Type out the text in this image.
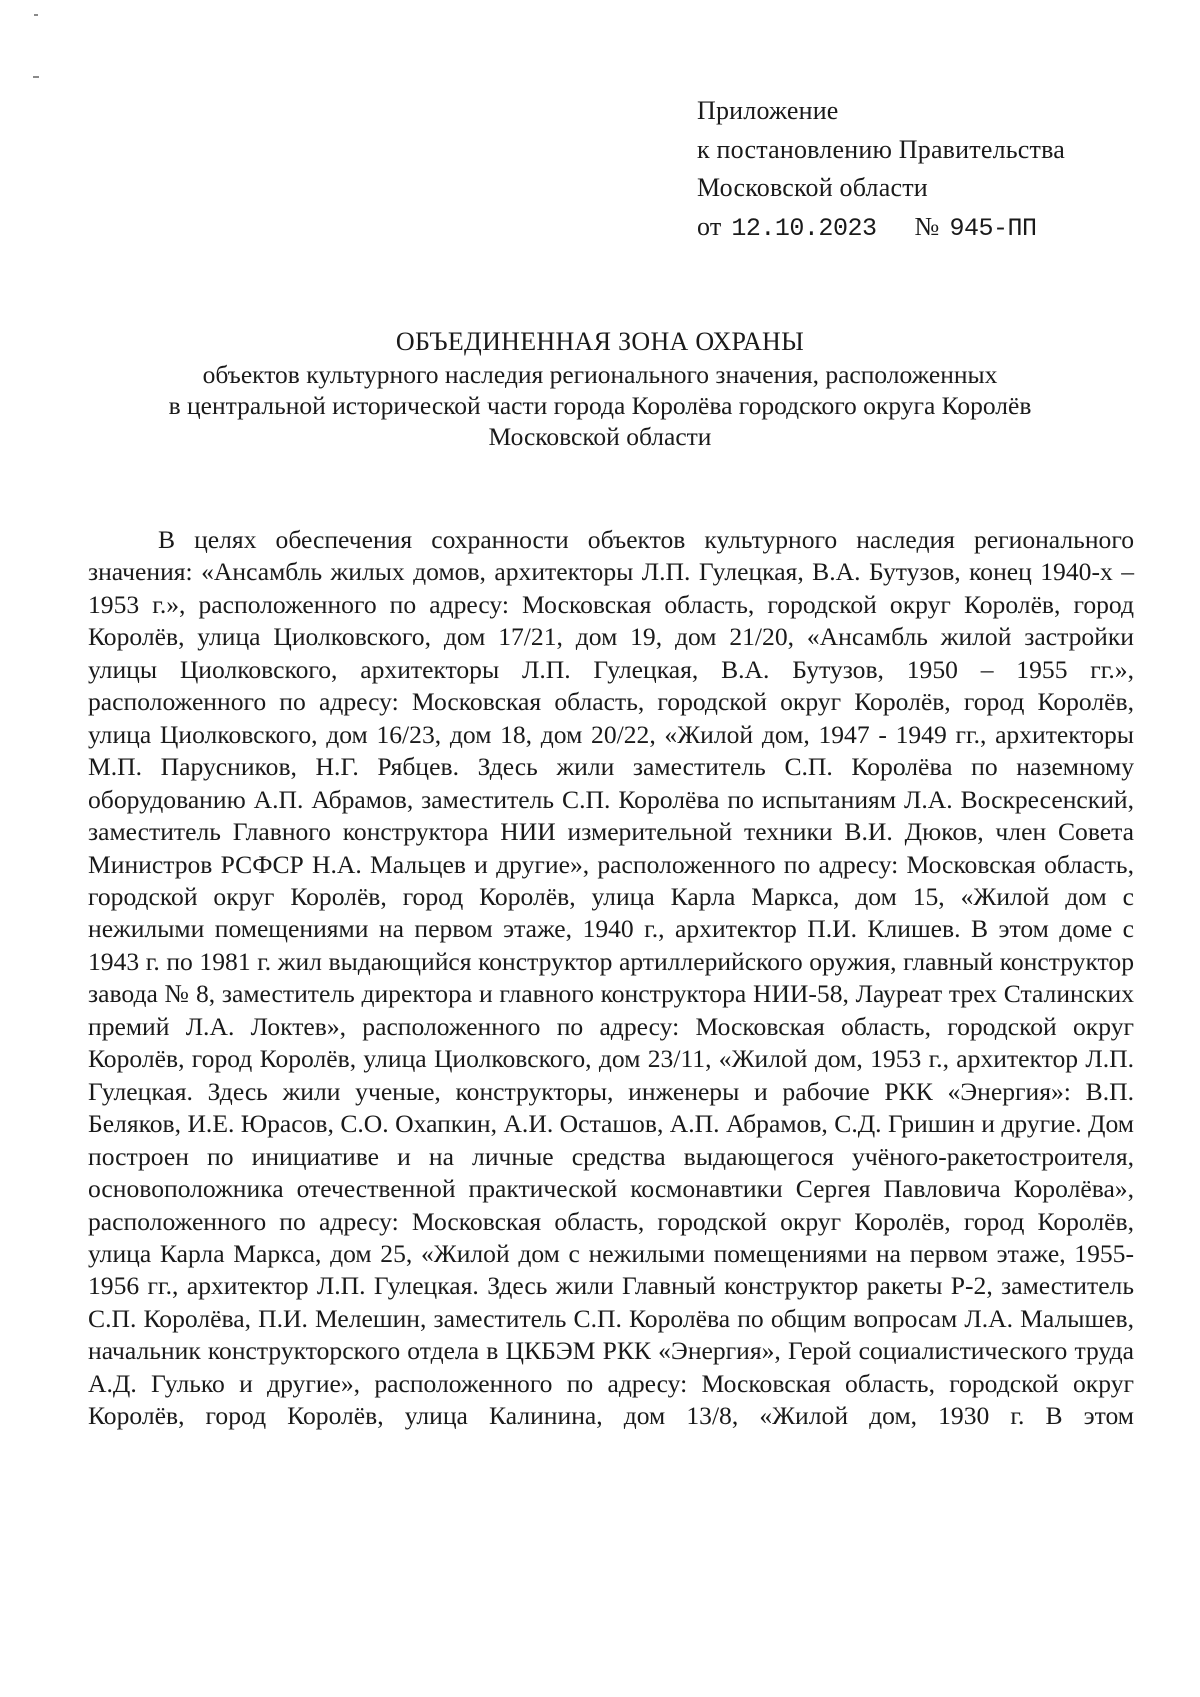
Приложение
к постановлению Правительства
Московской области
от 12.10.2023 № 945-ПП
ОБЪЕДИНЕННАЯ ЗОНА ОХРАНЫ
объектов культурного наследия регионального значения, расположенных
в центральной исторической части города Королёва городского округа Королёв
Московской области

В целях обеспечения сохранности объектов культурного наследия регионального значения: «Ансамбль жилых домов, архитекторы Л.П. Гулецкая, В.А. Бутузов, конец 1940-х – 1953 г.», расположенного по адресу: Московская область, городской округ Королёв, город Королёв, улица Циолковского, дом 17/21, дом 19, дом 21/20, «Ансамбль жилой застройки улицы Циолковского, архитекторы Л.П. Гулецкая, В.А. Бутузов, 1950 – 1955 гг.», расположенного по адресу: Московская область, городской округ Королёв, город Королёв, улица Циолковского, дом 16/23, дом 18, дом 20/22, «Жилой дом, 1947 - 1949 гг., архитекторы М.П. Парусников, Н.Г. Рябцев. Здесь жили заместитель С.П. Королёва по наземному оборудованию А.П. Абрамов, заместитель С.П. Королёва по испытаниям Л.А. Воскресенский, заместитель Главного конструктора НИИ измерительной техники В.И. Дюков, член Совета Министров РСФСР Н.А. Мальцев и другие», расположенного по адресу: Московская область, городской округ Королёв, город Королёв, улица Карла Маркса, дом 15, «Жилой дом с нежилыми помещениями на первом этаже, 1940 г., архитектор П.И. Клишев. В этом доме с 1943 г. по 1981 г. жил выдающийся конструктор артиллерийского оружия, главный конструктор завода № 8, заместитель директора и главного конструктора НИИ-58, Лауреат трех Сталинских премий Л.А. Локтев», расположенного по адресу: Московская область, городской округ Королёв, город Королёв, улица Циолковского, дом 23/11, «Жилой дом, 1953 г., архитектор Л.П. Гулецкая. Здесь жили ученые, конструкторы, инженеры и рабочие РКК «Энергия»: В.П. Беляков, И.Е. Юрасов, С.О. Охапкин, А.И. Осташов, А.П. Абрамов, С.Д. Гришин и другие. Дом построен по инициативе и на личные средства выдающегося учёного-ракетостроителя, основоположника отечественной практической космонавтики Сергея Павловича Королёва», расположенного по адресу: Московская область, городской округ Королёв, город Королёв, улица Карла Маркса, дом 25, «Жилой дом с нежилыми помещениями на первом этаже, 1955-1956 гг., архитектор Л.П. Гулецкая. Здесь жили Главный конструктор ракеты Р-2, заместитель С.П. Королёва, П.И. Мелешин, заместитель С.П. Королёва по общим вопросам Л.А. Малышев, начальник конструкторского отдела в ЦКБЭМ РКК «Энергия», Герой социалистического труда А.Д. Гулько и другие», расположенного по адресу: Московская область, городской округ Королёв, город Королёв, улица Калинина, дом 13/8, «Жилой дом, 1930 г. В этом
